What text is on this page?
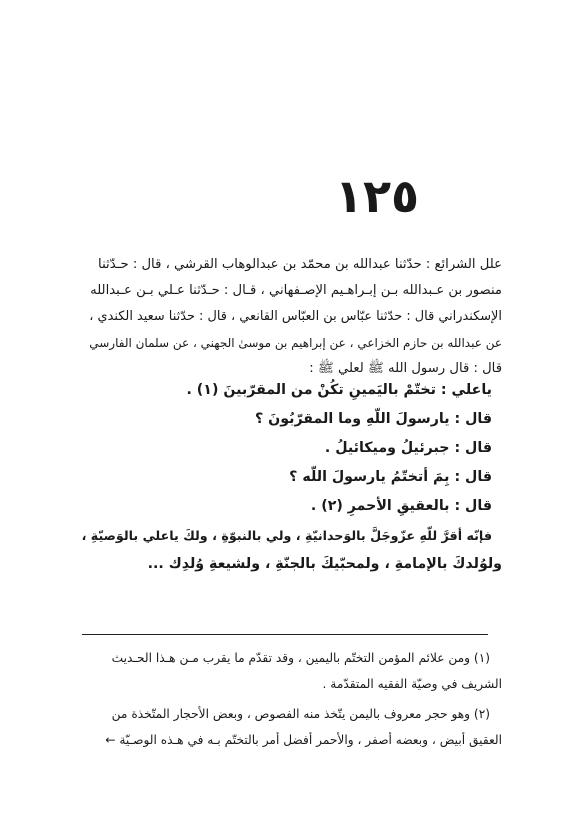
١٢٥

علل الشرائع : حدّثنا عبدالله بن محمّد بن عبدالوهاب القرشي ، قال : حـدّثنا

منصور بن عـبدالله بـن إبـراهـيم الإصـفهاني ، قـال : حـدّثنا عـلي بـن عـبدالله

الإسكندراني قال : حدّثنا عبّاس بن العبّاس القانعي ، قال : حدّثنا سعيد الكندي ،

عن عبدالله بن حازم الخزاعي ، عن إبراهيم بن موسىٰ الجهني ، عن سلمان الفارسي

قال : قال رسول الله ﷺ لعلي ﷺ :

ياعلي : تختّمْ باليَمينِ تكُنْ من المقرّبينَ (١) .

قال : يارسولَ اللّهِ وما المقرّبُونَ ؟

قال : جبرئيلُ وميكائيلُ .

قال : بِمَ أتختّمُ يارسولَ اللّه ؟

قال : بالعقيقِ الأحمرِ (٢) .

فإنّه أقرَّ للّهِ عزّوجَلَّ بالوَحدانيّةِ ، ولي بالنبوّةِ ، ولكَ ياعلي بالوَصيّةِ ،

ولوُلدكَ بالإمامةِ ، ولمحبّيكَ بالجنّةِ ، ولشيعةِ وُلدِك ...

(١) ومن علائم المؤمن التختّم باليمين ، وقد تقدّم ما يقرب مـن هـذا الحـديث

الشريف في وصيّة الفقيه المتقدّمة .

(٢) وهو حجر معروف باليمن يتّخذ منه الفصوص ، وبعض الأحجار المتّخذة من

العقيق أبيض ، وبعضه أصفر ، والأحمر أفضل أمر بالتختّم بـه في هـذه الوصـيّة ←
